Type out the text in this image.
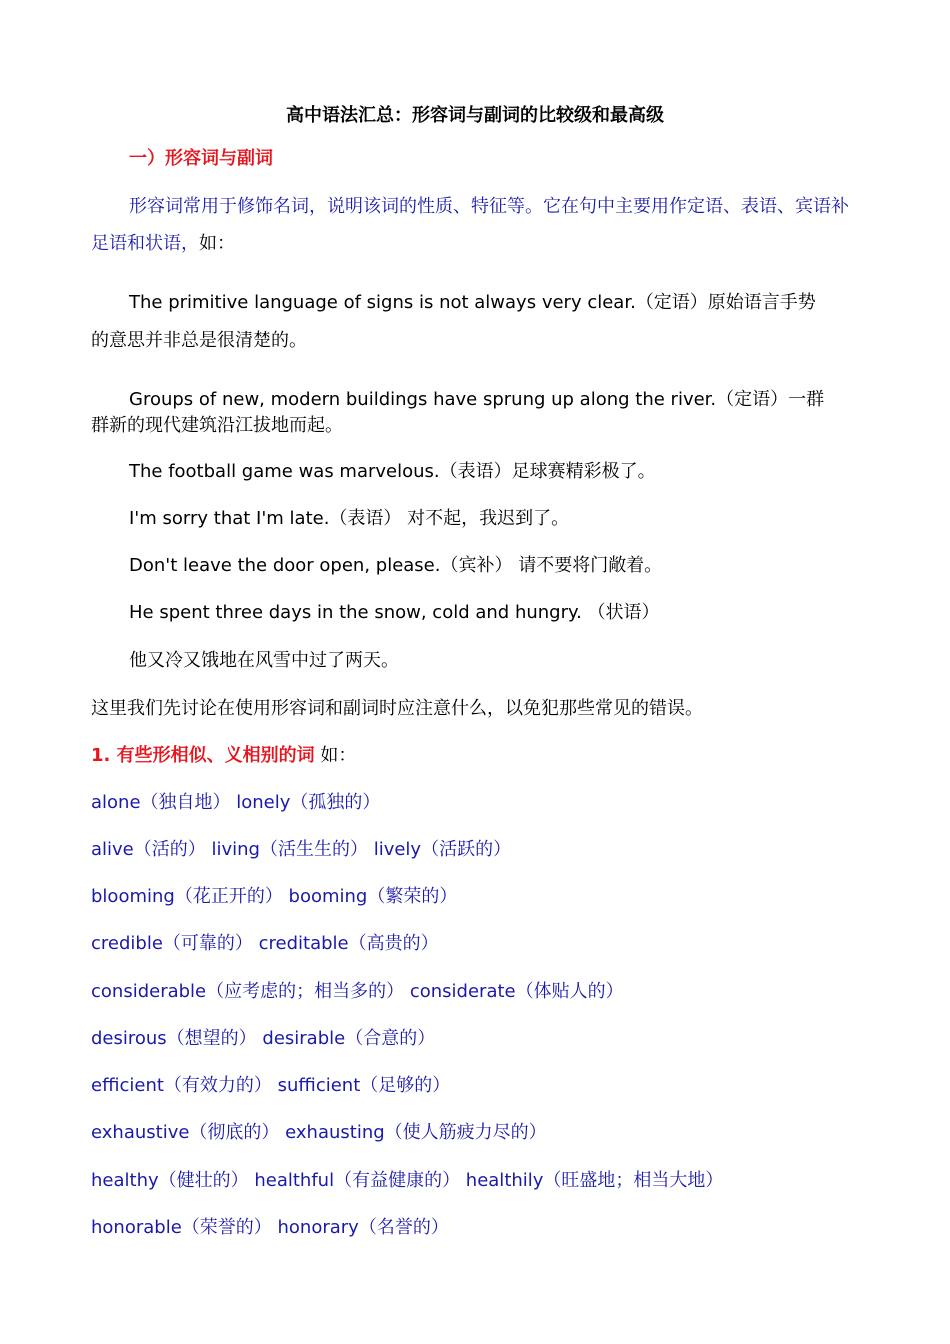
高中语法汇总：形容词与副词的比较级和最高级
一）形容词与副词
形容词常用于修饰名词，说明该词的性质、特征等。它在句中主要用作定语、表语、宾语补
足语和状语，如：
The primitive language of signs is not always very clear.（定语）原始语言手势
的意思并非总是很清楚的。
Groups of new, modern buildings have sprung up along the river.（定语）一群
群新的现代建筑沿江拔地而起。
The football game was marvelous.（表语）足球赛精彩极了。
I'm sorry that I'm late.（表语） 对不起，我迟到了。
Don't leave the door open, please.（宾补） 请不要将门敞着。
He spent three days in the snow, cold and hungry. （状语）
他又冷又饿地在风雪中过了两天。
这里我们先讨论在使用形容词和副词时应注意什么，以免犯那些常见的错误。
1. 有些形相似、义相别的词 如：
alone（独自地） lonely（孤独的）
alive（活的） living（活生生的） lively（活跃的）
blooming（花正开的） booming（繁荣的）
credible（可靠的） creditable（高贵的）
considerable（应考虑的；相当多的） considerate（体贴人的）
desirous（想望的） desirable（合意的）
efficient（有效力的） sufficient（足够的）
exhaustive（彻底的） exhausting（使人筋疲力尽的）
healthy（健壮的） healthful（有益健康的） healthily（旺盛地；相当大地）
honorable（荣誉的） honorary（名誉的）
